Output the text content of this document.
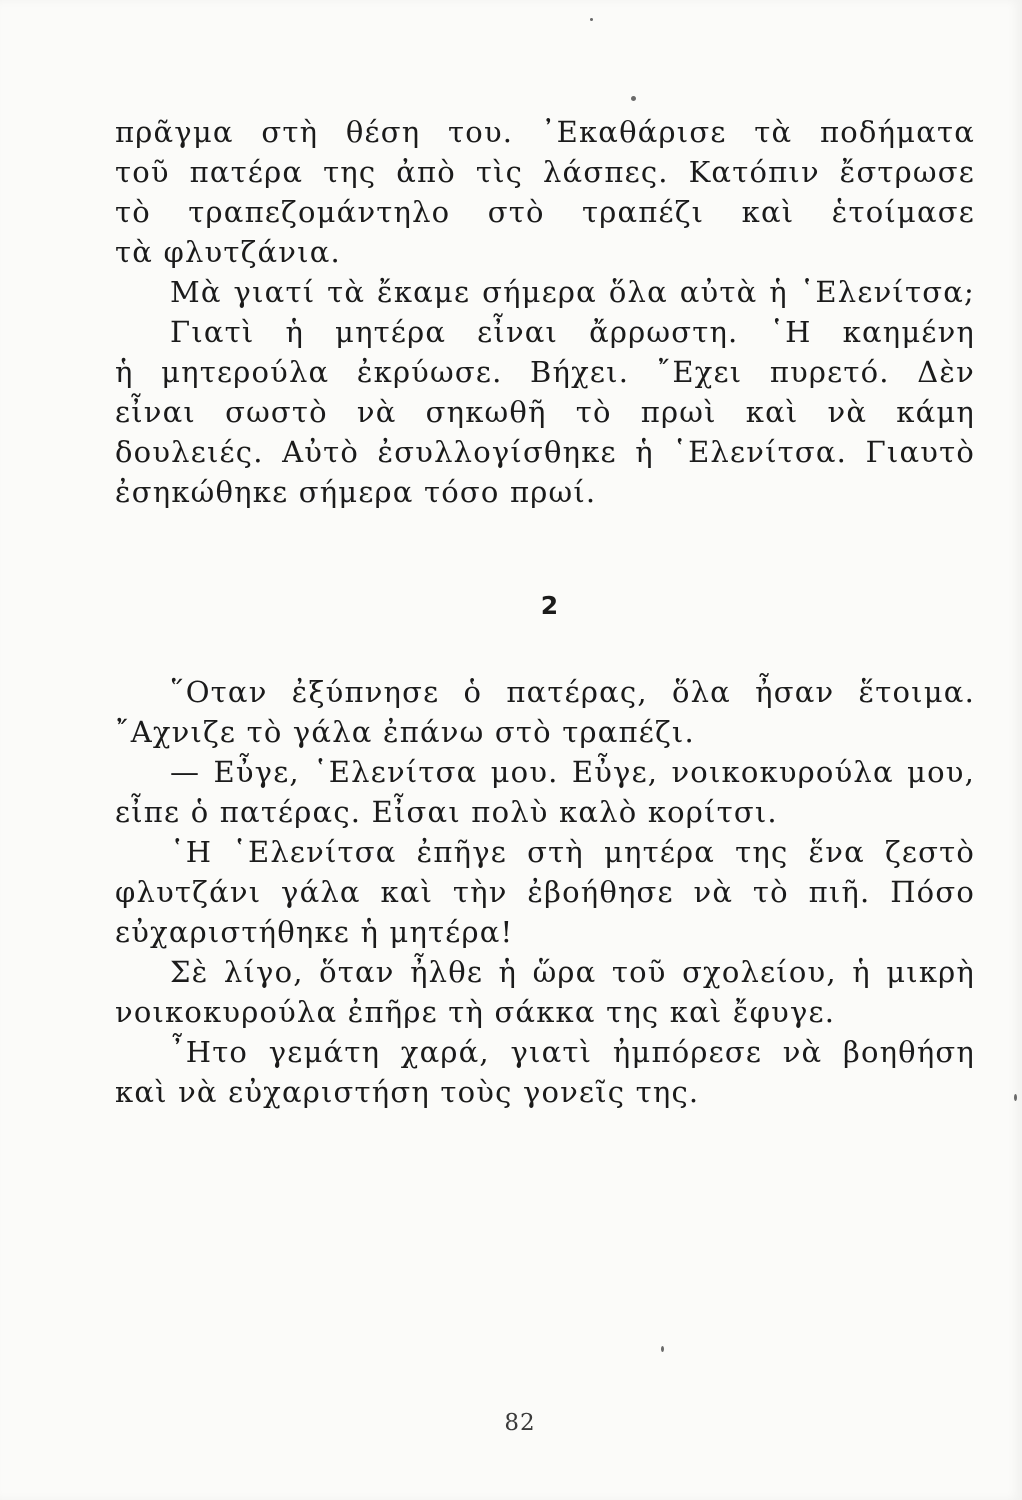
πρᾶγμα στὴ θέση του. ᾿Εκαθάρισε τὰ ποδήματα
τοῦ πατέρα της ἀπὸ τὶς λάσπες. Κατόπιν ἔστρωσε
τὸ τραπεζομάντηλο στὸ τραπέζι καὶ ἑτοίμασε
τὰ φλυτζάνια.
Μὰ γιατί τὰ ἔκαμε σήμερα ὅλα αὐτὰ ἡ ῾Ελενίτσα;
Γιατὶ ἡ μητέρα εἶναι ἄρρωστη. ῾Η καημένη
ἡ μητερούλα ἐκρύωσε. Βήχει. ῎Εχει πυρετό. Δὲν
εἶναι σωστὸ νὰ σηκωθῆ τὸ πρωὶ καὶ νὰ κάμη
δουλειές. Αὐτὸ ἐσυλλογίσθηκε ἡ ῾Ελενίτσα. Γιαυτὸ
ἐσηκώθηκε σήμερα τόσο πρωί.
2
῞Οταν ἐξύπνησε ὁ πατέρας, ὅλα ἦσαν ἕτοιμα.
῎Αχνιζε τὸ γάλα ἐπάνω στὸ τραπέζι.
— Εὖγε, ῾Ελενίτσα μου. Εὖγε, νοικοκυρούλα μου,
εἶπε ὁ πατέρας. Εἶσαι πολὺ καλὸ κορίτσι.
῾Η ῾Ελενίτσα ἐπῆγε στὴ μητέρα της ἕνα ζεστὸ
φλυτζάνι γάλα καὶ τὴν ἐβοήθησε νὰ τὸ πιῆ. Πόσο
εὐχαριστήθηκε ἡ μητέρα!
Σὲ λίγο, ὅταν ἦλθε ἡ ὥρα τοῦ σχολείου, ἡ μικρὴ
νοικοκυρούλα ἐπῆρε τὴ σάκκα της καὶ ἔφυγε.
῏Ητο γεμάτη χαρά, γιατὶ ἠμπόρεσε νὰ βοηθήση
καὶ νὰ εὐχαριστήση τοὺς γονεῖς της.
82
